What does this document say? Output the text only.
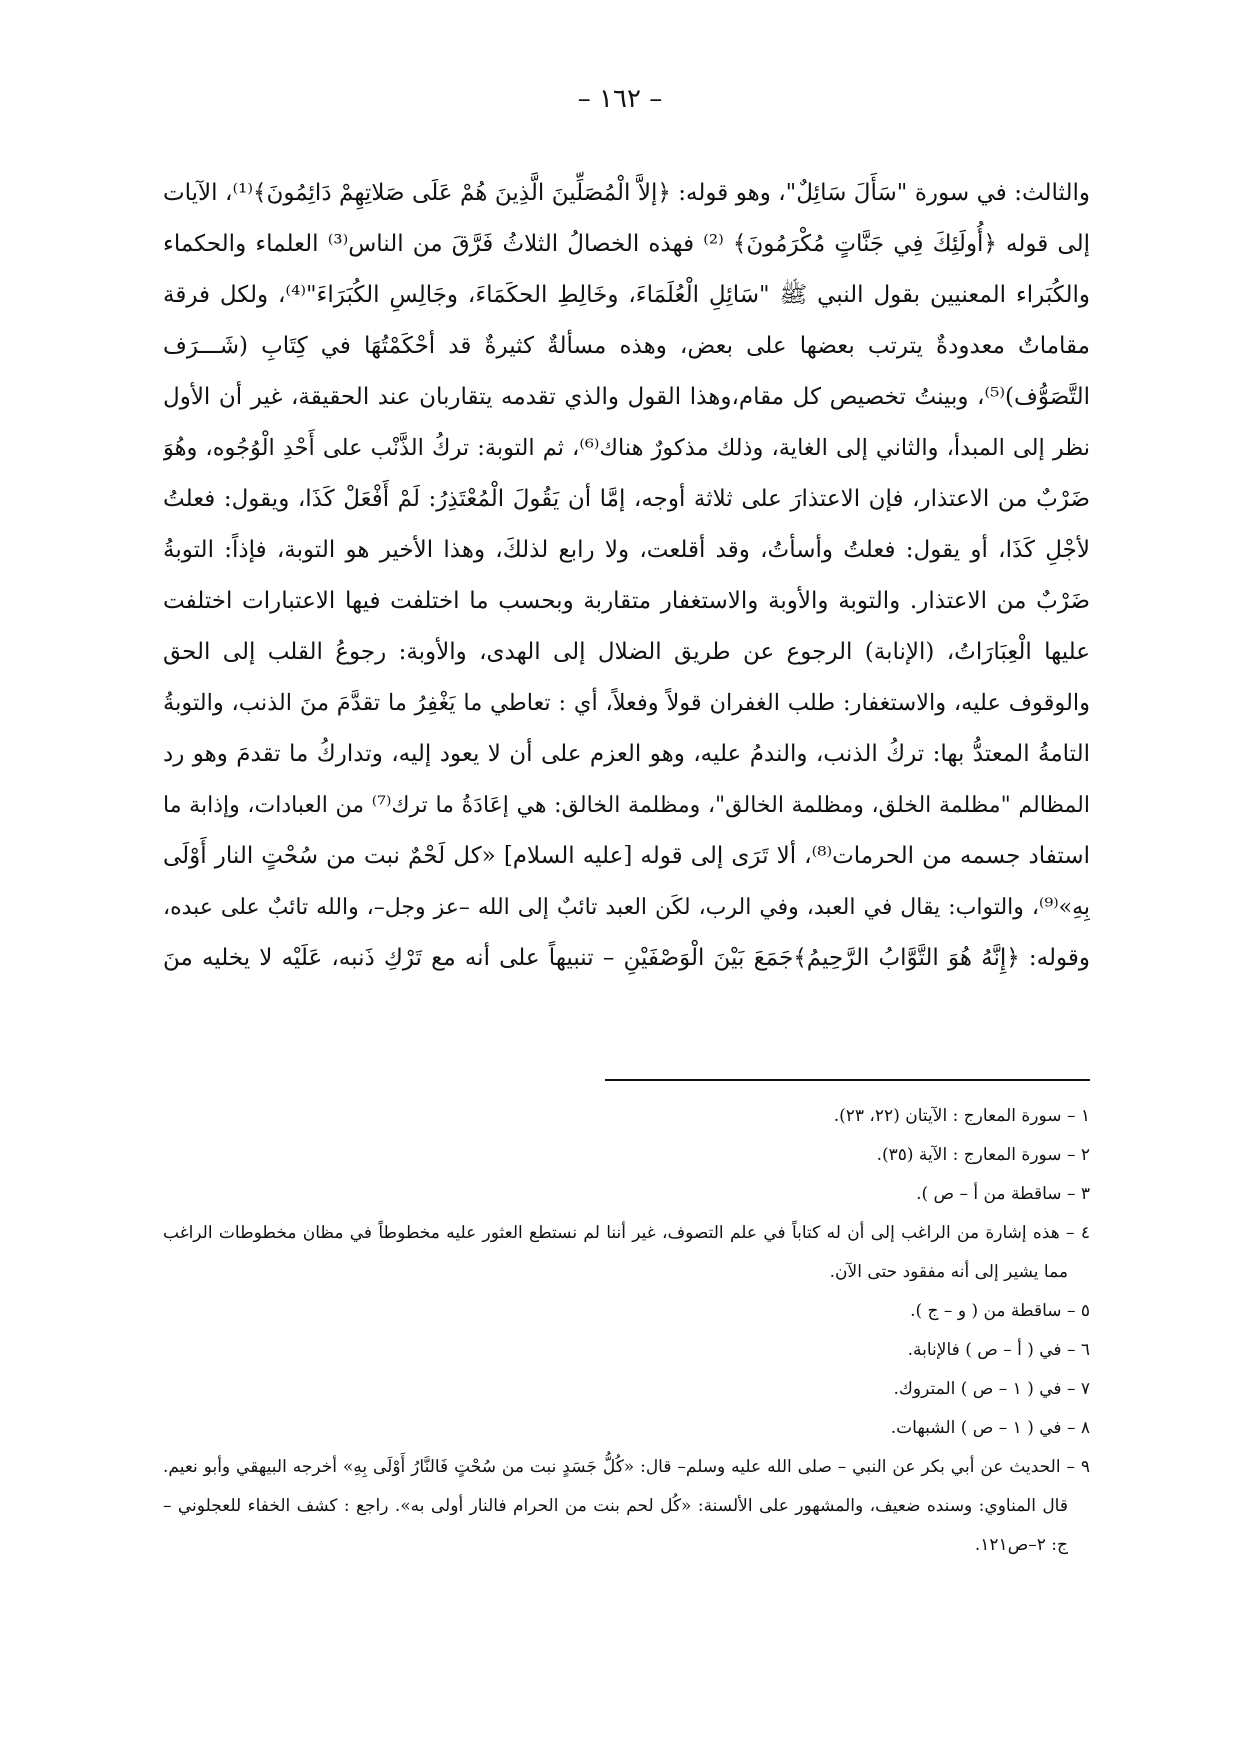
– ١٦٢ –
والثالث: في سورة "سَأَلَ سَائِلٌ"، وهو قوله: ﴿إلاَّ الْمُصَلِّينَ الَّذِينَ هُمْ عَلَى صَلاتِهِمْ دَائِمُونَ﴾⁽¹⁾، الآيات
إلى قوله ﴿أُولَئِكَ فِي جَنَّاتٍ مُكْرَمُونَ﴾ ⁽²⁾ فهذه الخصالُ الثلاثُ فَرَّقَ من الناس⁽³⁾ العلماء والحكماء
والكُبَراء المعنيين بقول النبي ﷺ "سَائِلِ الْعُلَمَاءَ، وخَالِطِ الحكَمَاءَ، وجَالِسِ الكُبَرَاءَ"⁽⁴⁾، ولكل فرقة
مقاماتٌ معدودةٌ يترتب بعضها على بعض، وهذه مسألةٌ كثيرةٌ قد أحْكَمْتُهَا في كِتَابِ (شَـــرَف
التَّصَوُّف)⁽⁵⁾، وبينتُ تخصيص كل مقام،وهذا القول والذي تقدمه يتقاربان عند الحقيقة، غير أن الأول
نظر إلى المبدأ، والثاني إلى الغاية، وذلك مذكورٌ هناك⁽⁶⁾، ثم التوبة: تركُ الذَّنْب على أَحْدِ الْوُجُوه، وهُوَ
ضَرْبٌ من الاعتذار، فإن الاعتذارَ على ثلاثة أوجه، إمَّا أن يَقُولَ الْمُعْتَذِرُ: لَمْ أَفْعَلْ كَذَا، ويقول: فعلتُ
لأجْلِ كَذَا، أو يقول: فعلتُ وأسأتُ، وقد أقلعت، ولا رابع لذلكَ، وهذا الأخير هو التوبة، فإذاً: التوبةُ
ضَرْبٌ من الاعتذار. والتوبة والأوبة والاستغفار متقاربة وبحسب ما اختلفت فيها الاعتبارات اختلفت
عليها الْعِبَارَاتُ، (الإنابة) الرجوع عن طريق الضلال إلى الهدى، والأوبة: رجوعُ القلب إلى الحق
والوقوف عليه، والاستغفار: طلب الغفران قولاً وفعلاً، أي : تعاطي ما يَغْفِرُ ما تقدَّمَ منَ الذنب، والتوبةُ
التامةُ المعتدُّ بها: تركُ الذنب، والندمُ عليه، وهو العزم على أن لا يعود إليه، وتداركُ ما تقدمَ وهو رد
المظالم "مظلمة الخلق، ومظلمة الخالق"، ومظلمة الخالق: هي إعَادَةُ ما ترك⁽⁷⁾ من العبادات، وإذابة ما
استفاد جسمه من الحرمات⁽⁸⁾، ألا تَرَى إلى قوله [عليه السلام] «كل لَحْمٌ نبت من سُحْتٍ النار أَوْلَى
بِهِ»⁽⁹⁾، والتواب: يقال في العبد، وفي الرب، لكَن العبد تائبٌ إلى الله –عز وجل–، والله تائبٌ على عبده،
وقوله: ﴿إِنَّهُ هُوَ التَّوَّابُ الرَّحِيمُ﴾جَمَعَ بَيْنَ الْوَصْفَيْنِ – تنبيهاً على أنه مع تَرْكِ ذَنبه، عَلَيْه لا يخليه منَ
١ – سورة المعارج : الآيتان (٢٢، ٢٣).
٢ – سورة المعارج : الآية (٣٥).
٣ – ساقطة من أ – ص ).
٤ – هذه إشارة من الراغب إلى أن له كتاباً في علم التصوف، غير أننا لم نستطع العثور عليه مخطوطاً في مظان مخطوطات الراغب
مما يشير إلى أنه مفقود حتى الآن.
٥ – ساقطة من ( و – ج ).
٦ – في ( أ – ص ) فالإنابة.
٧ – في ( ١ – ص ) المتروك.
٨ – في ( ١ – ص ) الشبهات.
٩ – الحديث عن أبي بكر عن النبي – صلى الله عليه وسلم– قال: «كُلُّ جَسَدٍ نبت من سُحْتٍ فَالنَّارُ أَوْلَى بِهِ» أخرجه البيهقي وأبو نعيم.
قال المناوي: وسنده ضعيف، والمشهور على الألسنة: «كُل لحم بنت من الحرام فالنار أولى به». راجع : كشف الخفاء للعجلوني –
ج: ٢–ص١٢١.
